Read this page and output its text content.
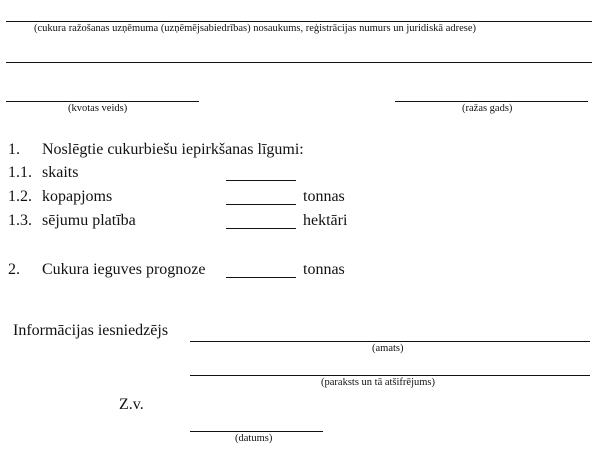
(cukura ražošanas uzņēmuma (uzņēmējsabiedrības) nosaukums, reģistrācijas numurs un juridiskā adrese)
(kvotas veids)	(ražas gads)
1. Noslēgtie cukurbiešu iepirkšanas līgumi:
1.1. skaits
1.2. kopapjoms	tonnas
1.3. sējumu platība	hektāri
2. Cukura ieguves prognoze	tonnas
Informācijas iesniedzējs
(amats)
(paraksts un tā atšifrējums)
Z.v.
(datums)
